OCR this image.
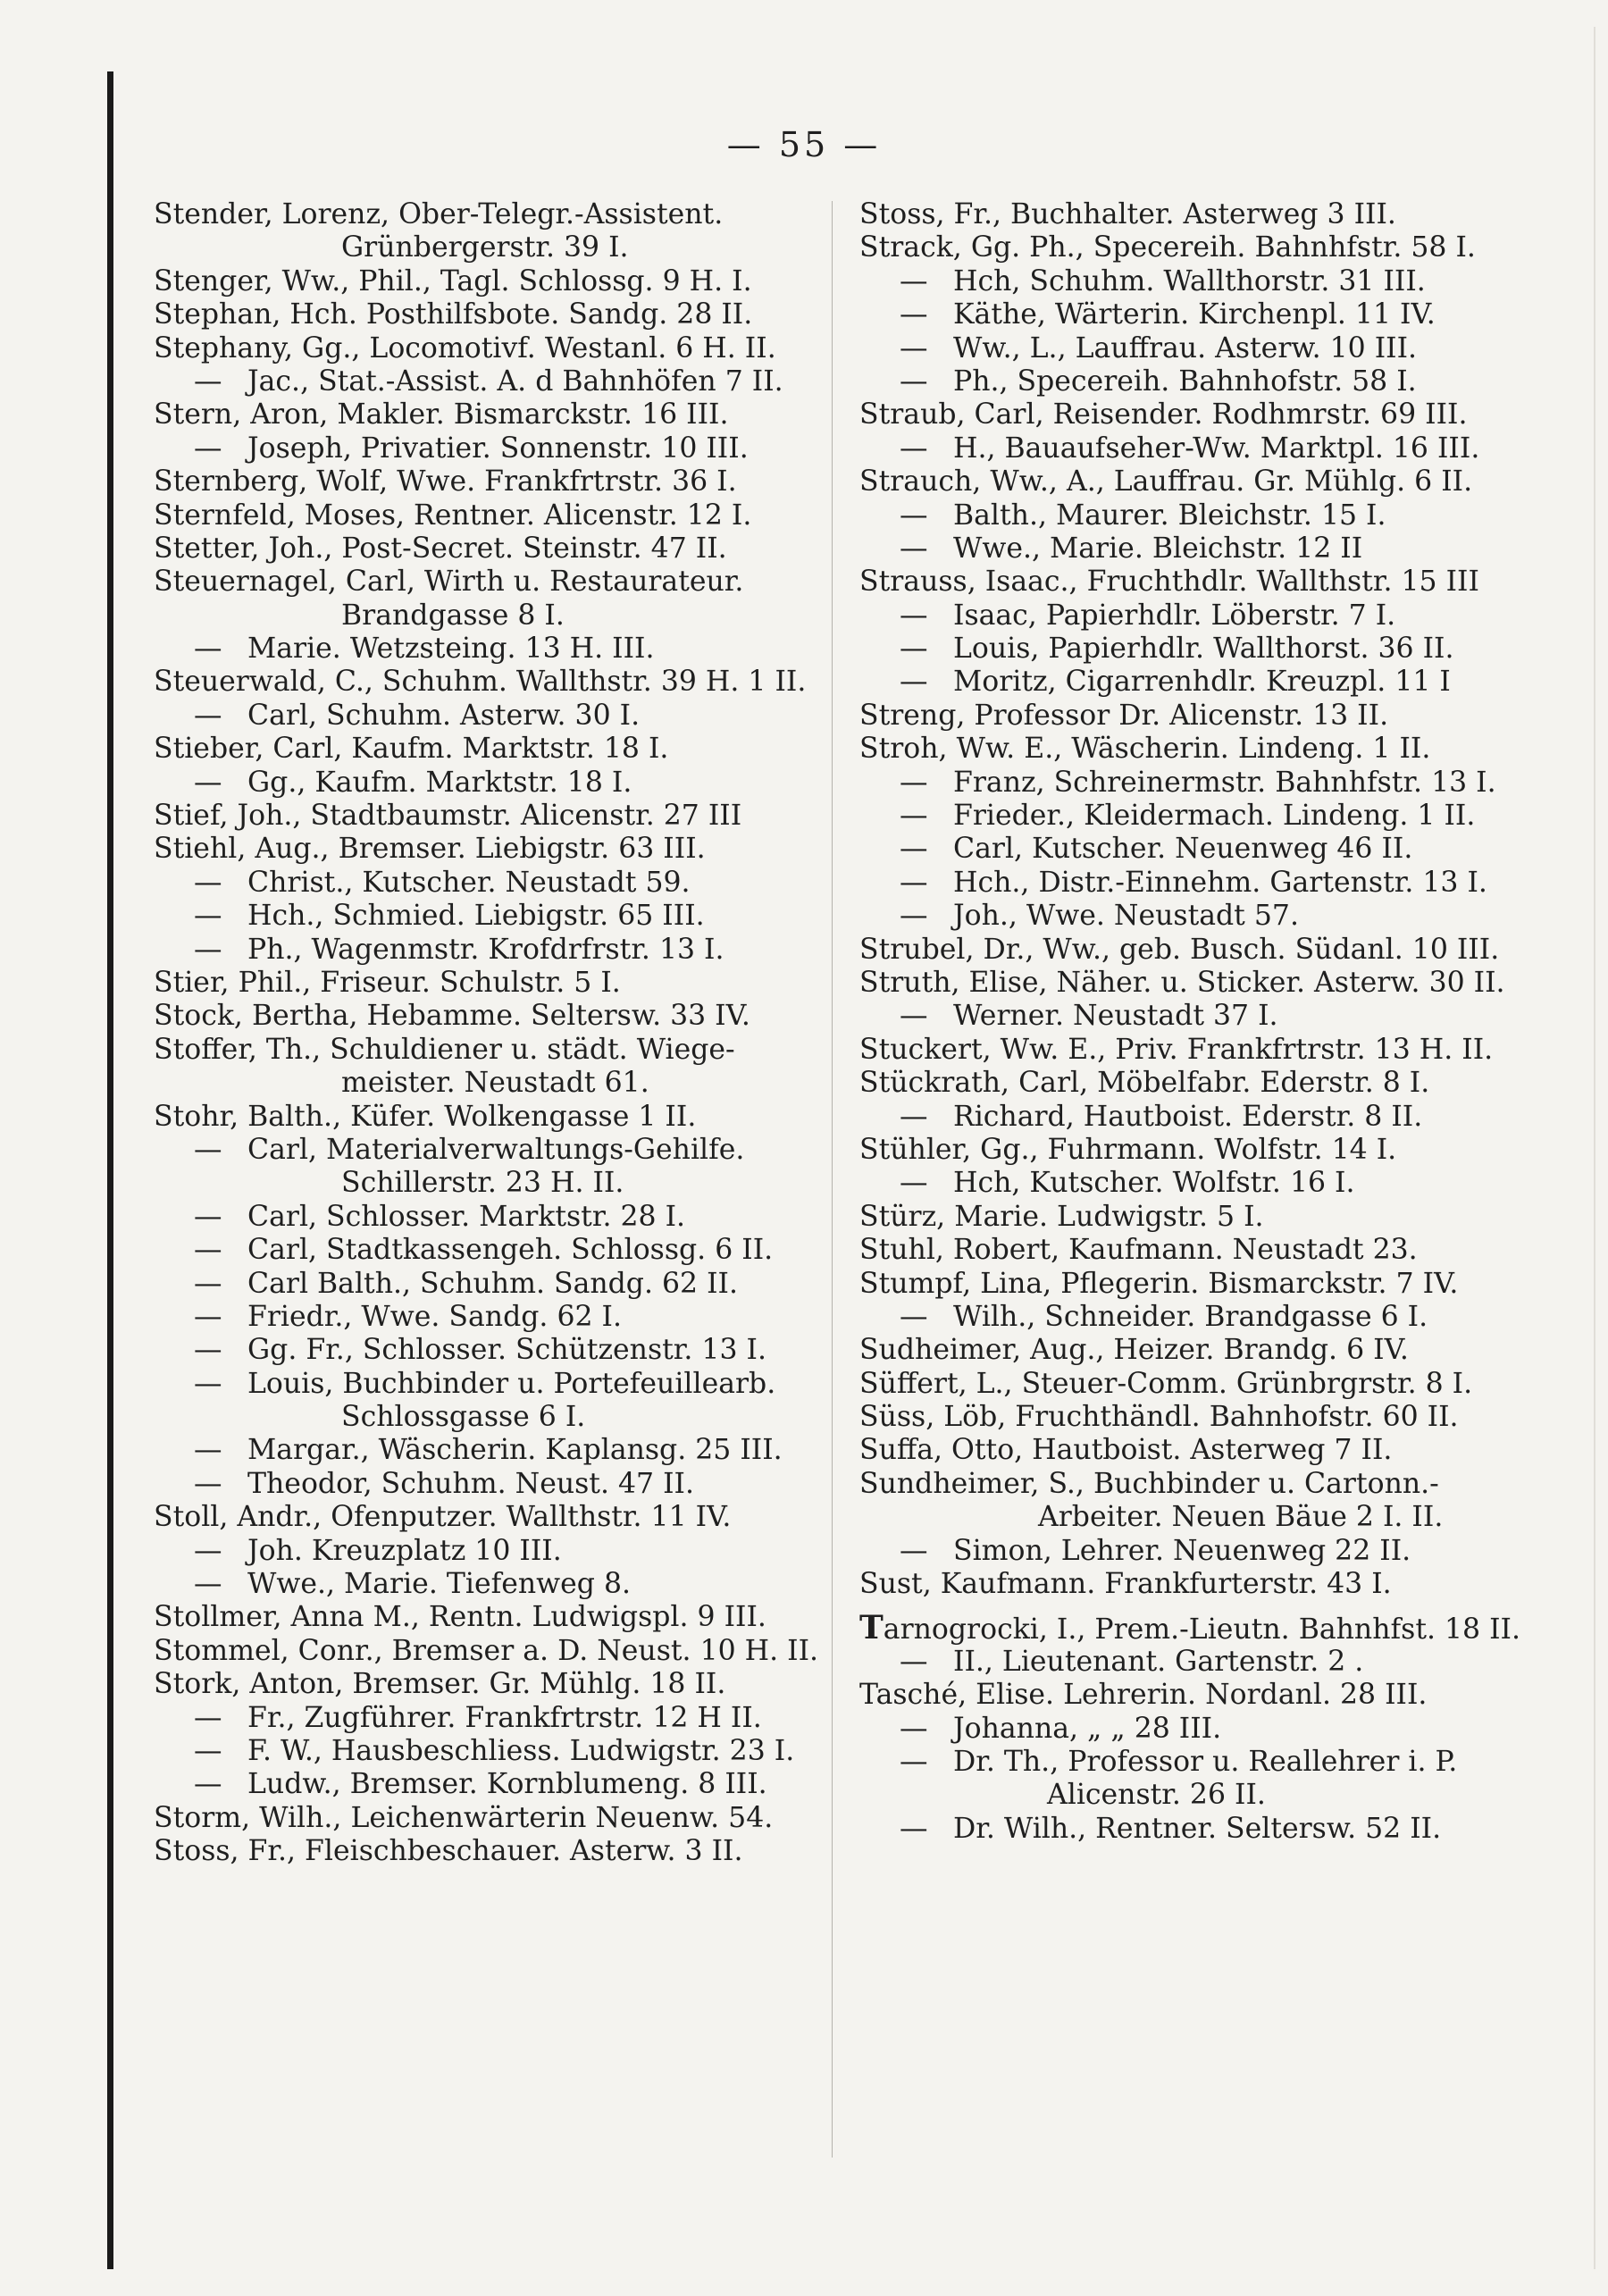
— 55 —
Stender, Lorenz, Ober-Telegr.-Assistent.
Grünbergerstr. 39 I.
Stenger, Ww., Phil., Tagl. Schlossg. 9 H. I.
Stephan, Hch. Posthilfsbote. Sandg. 28 II.
Stephany, Gg., Locomotivf. Westanl. 6 H. II.
—Jac., Stat.-Assist. A. d Bahnhöfen 7 II.
Stern, Aron, Makler. Bismarckstr. 16 III.
—Joseph, Privatier. Sonnenstr. 10 III.
Sternberg, Wolf, Wwe. Frankfrtrstr. 36 I.
Sternfeld, Moses, Rentner. Alicenstr. 12 I.
Stetter, Joh., Post-Secret. Steinstr. 47 II.
Steuernagel, Carl, Wirth u. Restaurateur.
Brandgasse 8 I.
—Marie. Wetzsteing. 13 H. III.
Steuerwald, C., Schuhm. Wallthstr. 39 H. 1 II.
—Carl, Schuhm. Asterw. 30 I.
Stieber, Carl, Kaufm. Marktstr. 18 I.
—Gg., Kaufm. Marktstr. 18 I.
Stief, Joh., Stadtbaumstr. Alicenstr. 27 III
Stiehl, Aug., Bremser. Liebigstr. 63 III.
—Christ., Kutscher. Neustadt 59.
—Hch., Schmied. Liebigstr. 65 III.
—Ph., Wagenmstr. Krofdrfrstr. 13 I.
Stier, Phil., Friseur. Schulstr. 5 I.
Stock, Bertha, Hebamme. Seltersw. 33 IV.
Stoffer, Th., Schuldiener u. städt. Wiege-
meister. Neustadt 61.
Stohr, Balth., Küfer. Wolkengasse 1 II.
—Carl, Materialverwaltungs-Gehilfe.
Schillerstr. 23 H. II.
—Carl, Schlosser. Marktstr. 28 I.
—Carl, Stadtkassengeh. Schlossg. 6 II.
—Carl Balth., Schuhm. Sandg. 62 II.
—Friedr., Wwe. Sandg. 62 I.
—Gg. Fr., Schlosser. Schützenstr. 13 I.
—Louis, Buchbinder u. Portefeuillearb.
Schlossgasse 6 I.
—Margar., Wäscherin. Kaplansg. 25 III.
—Theodor, Schuhm. Neust. 47 II.
Stoll, Andr., Ofenputzer. Wallthstr. 11 IV.
—Joh. Kreuzplatz 10 III.
—Wwe., Marie. Tiefenweg 8.
Stollmer, Anna M., Rentn. Ludwigspl. 9 III.
Stommel, Conr., Bremser a. D. Neust. 10 H. II.
Stork, Anton, Bremser. Gr. Mühlg. 18 II.
—Fr., Zugführer. Frankfrtrstr. 12 H II.
—F. W., Hausbeschliess. Ludwigstr. 23 I.
—Ludw., Bremser. Kornblumeng. 8 III.
Storm, Wilh., Leichenwärterin Neuenw. 54.
Stoss, Fr., Fleischbeschauer. Asterw. 3 II.
Stoss, Fr., Buchhalter. Asterweg 3 III.
Strack, Gg. Ph., Specereih. Bahnhfstr. 58 I.
—Hch, Schuhm. Wallthorstr. 31 III.
—Käthe, Wärterin. Kirchenpl. 11 IV.
—Ww., L., Lauffrau. Asterw. 10 III.
—Ph., Specereih. Bahnhofstr. 58 I.
Straub, Carl, Reisender. Rodhmrstr. 69 III.
—H., Bauaufseher-Ww. Marktpl. 16 III.
Strauch, Ww., A., Lauffrau. Gr. Mühlg. 6 II.
—Balth., Maurer. Bleichstr. 15 I.
—Wwe., Marie. Bleichstr. 12 II
Strauss, Isaac., Fruchthdlr. Wallthstr. 15 III
—Isaac, Papierhdlr. Löberstr. 7 I.
—Louis, Papierhdlr. Wallthorst. 36 II.
—Moritz, Cigarrenhdlr. Kreuzpl. 11 I
Streng, Professor Dr. Alicenstr. 13 II.
Stroh, Ww. E., Wäscherin. Lindeng. 1 II.
—Franz, Schreinermstr. Bahnhfstr. 13 I.
—Frieder., Kleidermach. Lindeng. 1 II.
—Carl, Kutscher. Neuenweg 46 II.
—Hch., Distr.-Einnehm. Gartenstr. 13 I.
—Joh., Wwe. Neustadt 57.
Strubel, Dr., Ww., geb. Busch. Südanl. 10 III.
Struth, Elise, Näher. u. Sticker. Asterw. 30 II.
—Werner. Neustadt 37 I.
Stuckert, Ww. E., Priv. Frankfrtrstr. 13 H. II.
Stückrath, Carl, Möbelfabr. Ederstr. 8 I.
—Richard, Hautboist. Ederstr. 8 II.
Stühler, Gg., Fuhrmann. Wolfstr. 14 I.
—Hch, Kutscher. Wolfstr. 16 I.
Stürz, Marie. Ludwigstr. 5 I.
Stuhl, Robert, Kaufmann. Neustadt 23.
Stumpf, Lina, Pflegerin. Bismarckstr. 7 IV.
—Wilh., Schneider. Brandgasse 6 I.
Sudheimer, Aug., Heizer. Brandg. 6 IV.
Süffert, L., Steuer-Comm. Grünbrgrstr. 8 I.
Süss, Löb, Fruchthändl. Bahnhofstr. 60 II.
Suffa, Otto, Hautboist. Asterweg 7 II.
Sundheimer, S., Buchbinder u. Cartonn.-
Arbeiter. Neuen Bäue 2 I. II.
—Simon, Lehrer. Neuenweg 22 II.
Sust, Kaufmann. Frankfurterstr. 43 I.
Tarnogrocki, I., Prem.-Lieutn. Bahnhfst. 18 II.
—II., Lieutenant. Gartenstr. 2 .
Tasché, Elise. Lehrerin. Nordanl. 28 III.
—Johanna, „ „ 28 III.
—Dr. Th., Professor u. Reallehrer i. P.
Alicenstr. 26 II.
—Dr. Wilh., Rentner. Seltersw. 52 II.
